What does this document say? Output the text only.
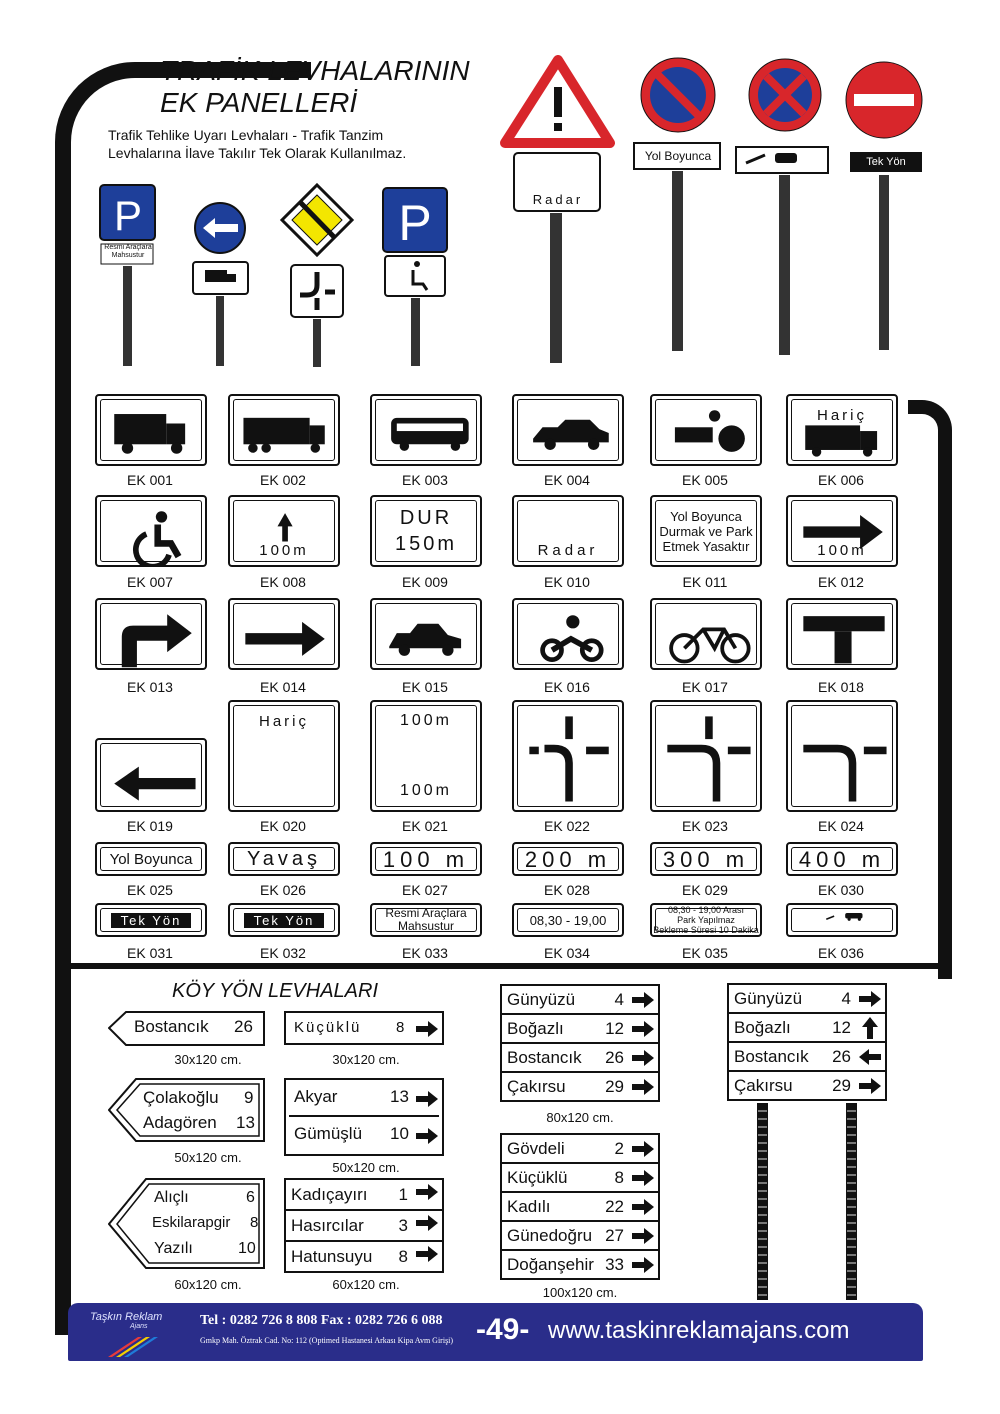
TRAFİK LEVHALARININ
EK PANELLERİ
Trafik Tehlike Uyarı Levhaları - Trafik Tanzim
Levhalarına İlave Takılır Tek Olarak Kullanılmaz.
P	P
Resmi Araçlara
Mahsustur
Radar
Yol Boyunca	Tek Yön
EK 001	EK 002	EK 003	EK 004	EK 005
Hariç
EK 006
EK 007
100m
EK 008
DUR
150m
EK 009
Radar
EK 010
Yol Boyunca
Durmak ve Park
Etmek Yasaktır
EK 011
100m
EK 012
EK 013	EK 014	EK 015	EK 016	EK 017	EK 018
EK 019
Hariç
EK 020
100m
100m
EK 021	EK 022	EK 023	EK 024
Yol Boyunca
EK 025
Yavaş
EK 026
100 m
EK 027
200 m
EK 028
300 m
EK 029
400 m
EK 030
Tek Yön
EK 031
Tek Yön
EK 032
Resmi Araçlara
Mahsustur
EK 033
08,30 - 19,00
EK 034
08,30 - 19,00 Arası
Park Yapılmaz
Bekleme Süresi 10 Dakika
EK 035	EK 036
KÖY YÖN LEVHALARI
Bostancık 26
30x120 cm.
Küçüklü 8
30x120 cm.
Çolakoğlu 9
Adagören 13
50x120 cm.
Akyar	13
Gümüşlü 10
50x120 cm.
Alıçlı	6
Eskilarapgir 8
Yazılı	10
60x120 cm.
Kadıçayırı 1
Hasırcılar 3
Hatunsuyu 8
60x120 cm.
Günyüzü 4
Boğazlı 12
Bostancık 26
Çakırsu 29
80x120 cm.
Gövdeli	2
Küçüklü	8
Kadılı	22
Günedoğru 27
Doğanşehir 33
100x120 cm.
Günyüzü 4
Boğazlı 12
Bostancık 26
Çakırsu 29
Taşkın Reklam
Ajans	Tel : 0282 726 8 808 Fax : 0282 726 6 088
Gmkp Mah. Öztrak Cad. No: 112 (Optimed Hastanesi Arkası Kipa Avm Girişi) -49- www.taskinreklamajans.com
